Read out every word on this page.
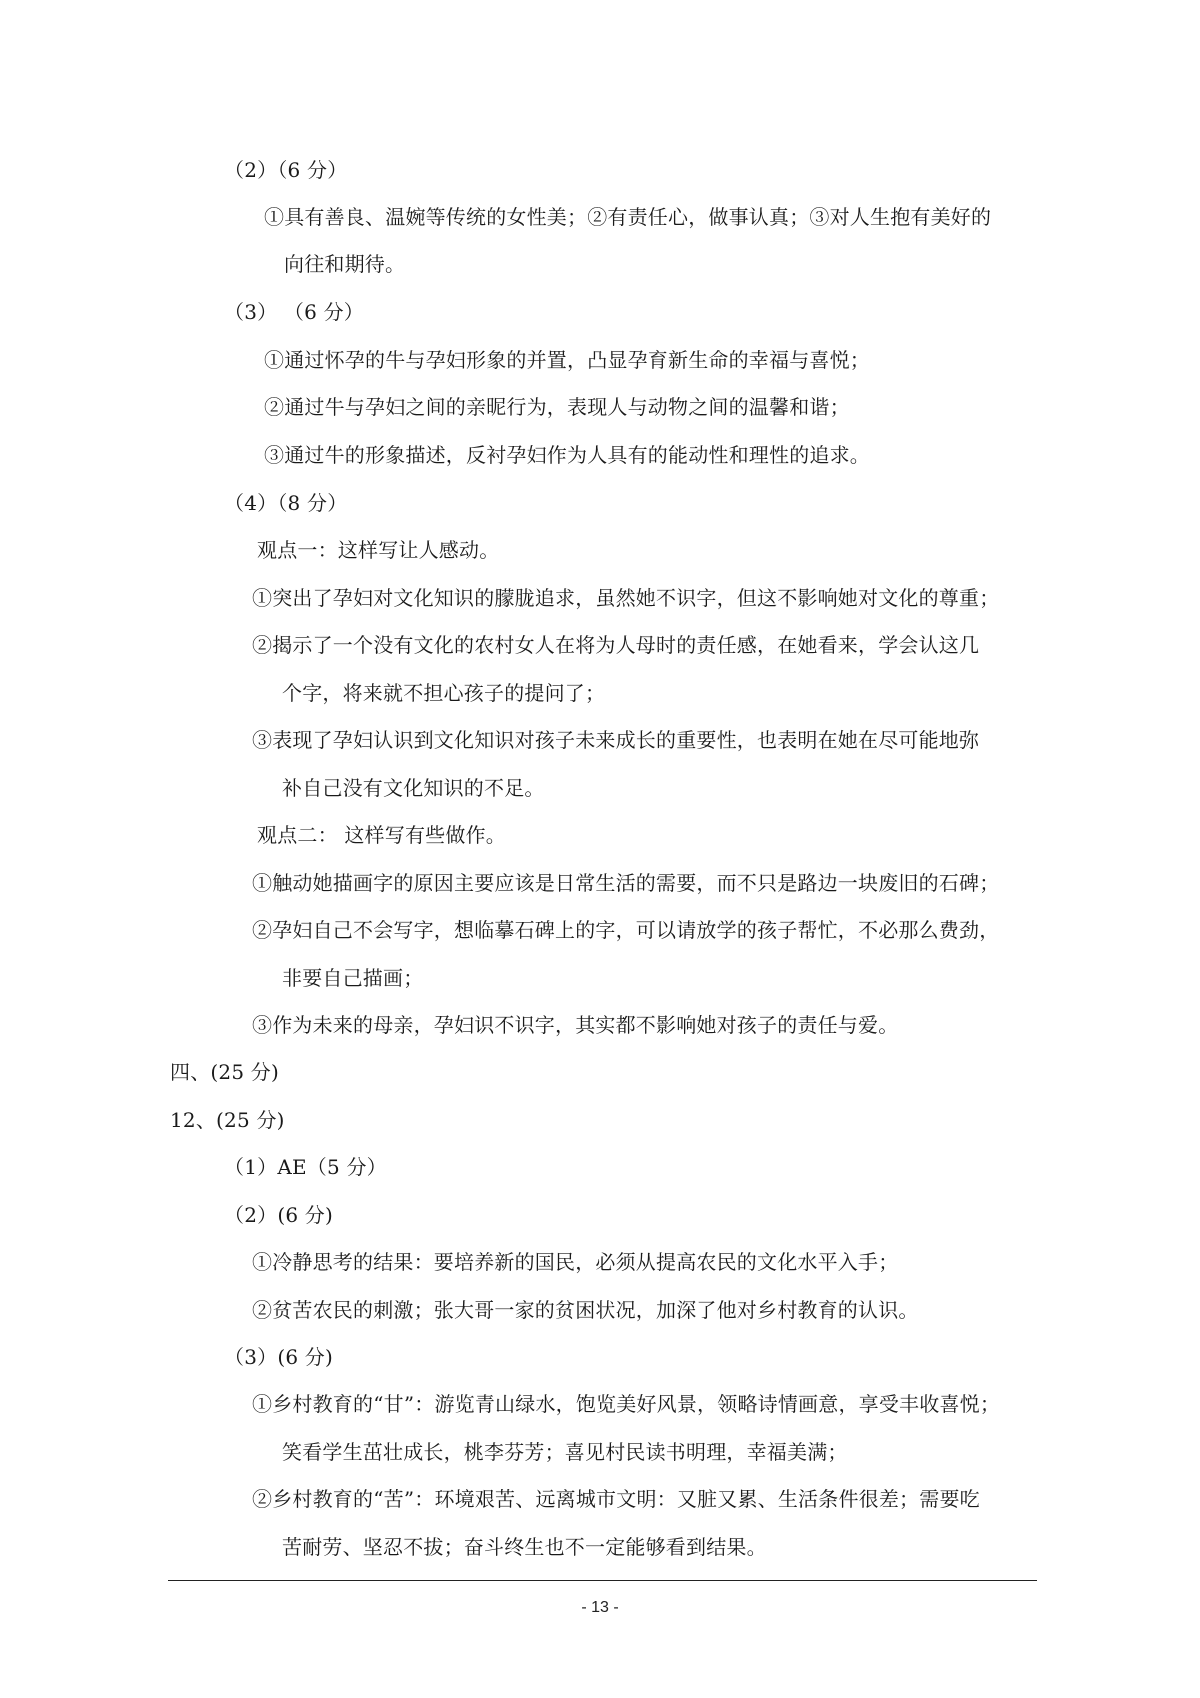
（2）（6 分）
①具有善良、温婉等传统的女性美；②有责任心，做事认真；③对人生抱有美好的
向往和期待。
（3） （6 分）
①通过怀孕的牛与孕妇形象的并置，凸显孕育新生命的幸福与喜悦；
②通过牛与孕妇之间的亲昵行为，表现人与动物之间的温馨和谐；
③通过牛的形象描述，反衬孕妇作为人具有的能动性和理性的追求。
（4）（8 分）
观点一：这样写让人感动。
①突出了孕妇对文化知识的朦胧追求，虽然她不识字，但这不影响她对文化的尊重；
②揭示了一个没有文化的农村女人在将为人母时的责任感，在她看来，学会认这几
个字，将来就不担心孩子的提问了；
③表现了孕妇认识到文化知识对孩子未来成长的重要性，也表明在她在尽可能地弥
补自己没有文化知识的不足。
观点二： 这样写有些做作。
①触动她描画字的原因主要应该是日常生活的需要，而不只是路边一块废旧的石碑；
②孕妇自己不会写字，想临摹石碑上的字，可以请放学的孩子帮忙，不必那么费劲，
非要自己描画；
③作为未来的母亲，孕妇识不识字，其实都不影响她对孩子的责任与爱。
四、(25 分)
12、(25 分)
（1）AE（5 分）
（2）(6 分)
①冷静思考的结果：要培养新的国民，必须从提高农民的文化水平入手；
②贫苦农民的刺激；张大哥一家的贫困状况，加深了他对乡村教育的认识。
（3）(6 分)
①乡村教育的“甘”：游览青山绿水，饱览美好风景，领略诗情画意，享受丰收喜悦；
笑看学生茁壮成长，桃李芬芳；喜见村民读书明理，幸福美满；
②乡村教育的“苦”：环境艰苦、远离城市文明：又脏又累、生活条件很差；需要吃
苦耐劳、坚忍不拔；奋斗终生也不一定能够看到结果。
- 13 -
